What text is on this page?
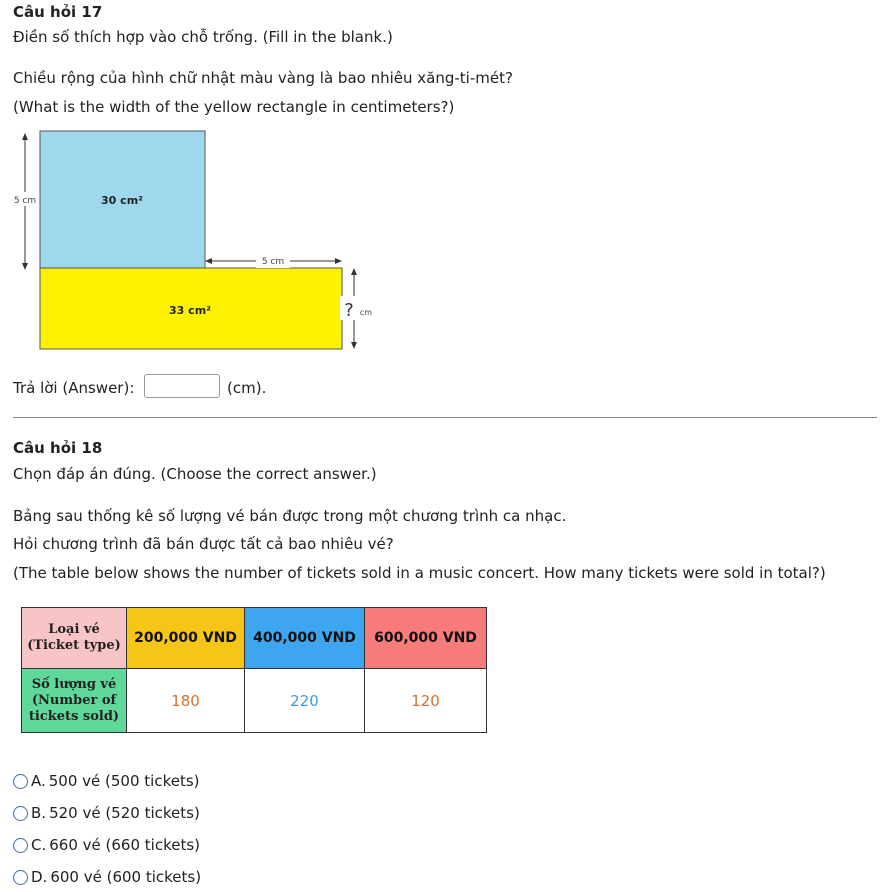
Câu hỏi 17
Điền số thích hợp vào chỗ trống. (Fill in the blank.)
Chiều rộng của hình chữ nhật màu vàng là bao nhiêu xăng-ti-mét?
(What is the width of the yellow rectangle in centimeters?)
5 cm
5 cm
? cm
30 cm²
33 cm²
Trả lời (Answer):	(cm).
Câu hỏi 18
Chọn đáp án đúng. (Choose the correct answer.)
Bảng sau thống kê số lượng vé bán được trong một chương trình ca nhạc.
Hỏi chương trình đã bán được tất cả bao nhiêu vé?
(The table below shows the number of tickets sold in a music concert. How many tickets were sold in total?)
Loại vé
(Ticket type)	200,000 VND	400,000 VND	600,000 VND

Số lượng vé
(Number of
tickets sold)	180	220	120
A. 500 vé (500 tickets)
B. 520 vé (520 tickets)
C. 660 vé (660 tickets)
D. 600 vé (600 tickets)
